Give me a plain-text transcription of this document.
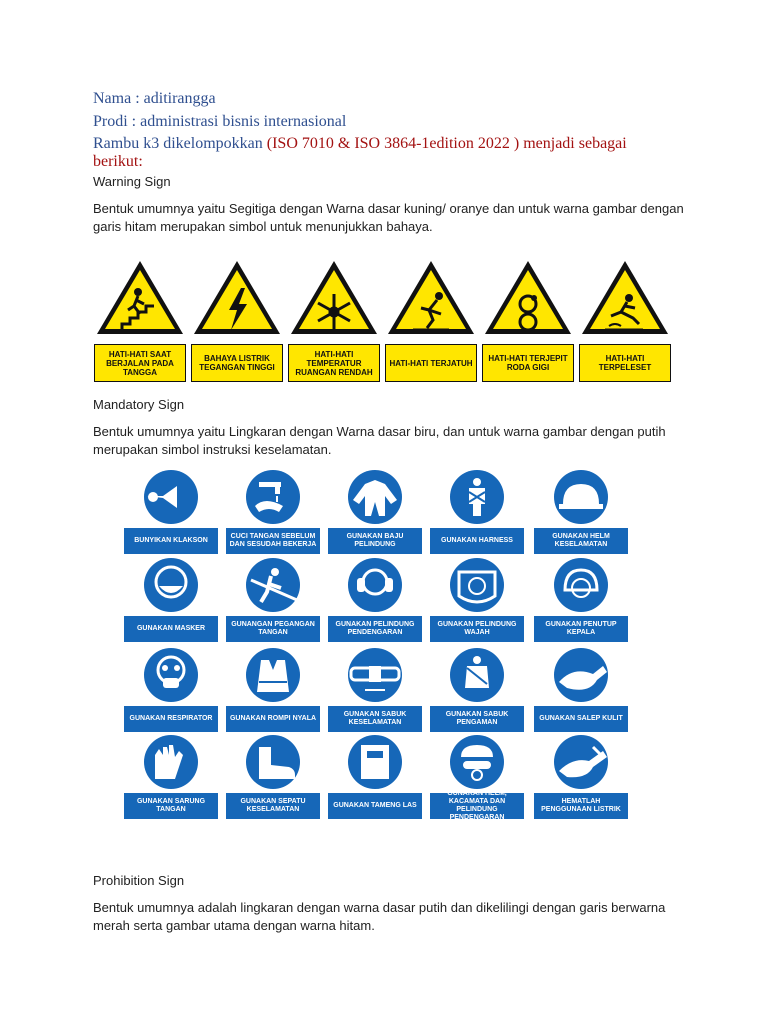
Nama : aditirangga
Prodi : administrasi bisnis internasional
Rambu k3 dikelompokkan (ISO 7010 & ISO 3864-1edition 2022 ) menjadi sebagai
berikut:
Warning Sign
Bentuk umumnya yaitu Segitiga dengan Warna dasar kuning/ oranye dan untuk warna gambar dengan garis hitam merupakan simbol untuk menunjukkan bahaya.
HATI-HATI SAAT BERJALAN PADA TANGGA
BAHAYA LISTRIK TEGANGAN TINGGI
HATI-HATI TEMPERATUR RUANGAN RENDAH
HATI-HATI TERJATUH	HATI-HATI TERJEPIT RODA GIGI
HATI-HATI TERPELESET
Mandatory Sign
Bentuk umumnya yaitu Lingkaran dengan Warna dasar biru, dan untuk warna gambar dengan putih merupakan simbol instruksi keselamatan.
BUNYIKAN KLAKSON
CUCI TANGAN SEBELUM DAN SESUDAH BEKERJA
GUNAKAN BAJU PELINDUNG
GUNAKAN HARNESS
GUNAKAN HELM KESELAMATAN
GUNAKAN MASKER
GUNANGAN PEGANGAN TANGAN
GUNAKAN PELINDUNG PENDENGARAN
GUNAKAN PELINDUNG WAJAH
GUNAKAN PENUTUP KEPALA
GUNAKAN RESPIRATOR	GUNAKAN ROMPI NYALA
GUNAKAN SABUK KESELAMATAN
GUNAKAN SABUK PENGAMAN
GUNAKAN SALEP KULIT
GUNAKAN SARUNG TANGAN
GUNAKAN SEPATU KESELAMATAN
GUNAKAN TAMENG LAS
GUNAKAN HELM, KACAMATA DAN PELINDUNG PENDENGARAN
HEMATLAH PENGGUNAAN LISTRIK
Prohibition Sign
Bentuk umumnya adalah lingkaran dengan warna dasar putih dan dikelilingi dengan garis berwarna merah serta gambar utama dengan warna hitam.
